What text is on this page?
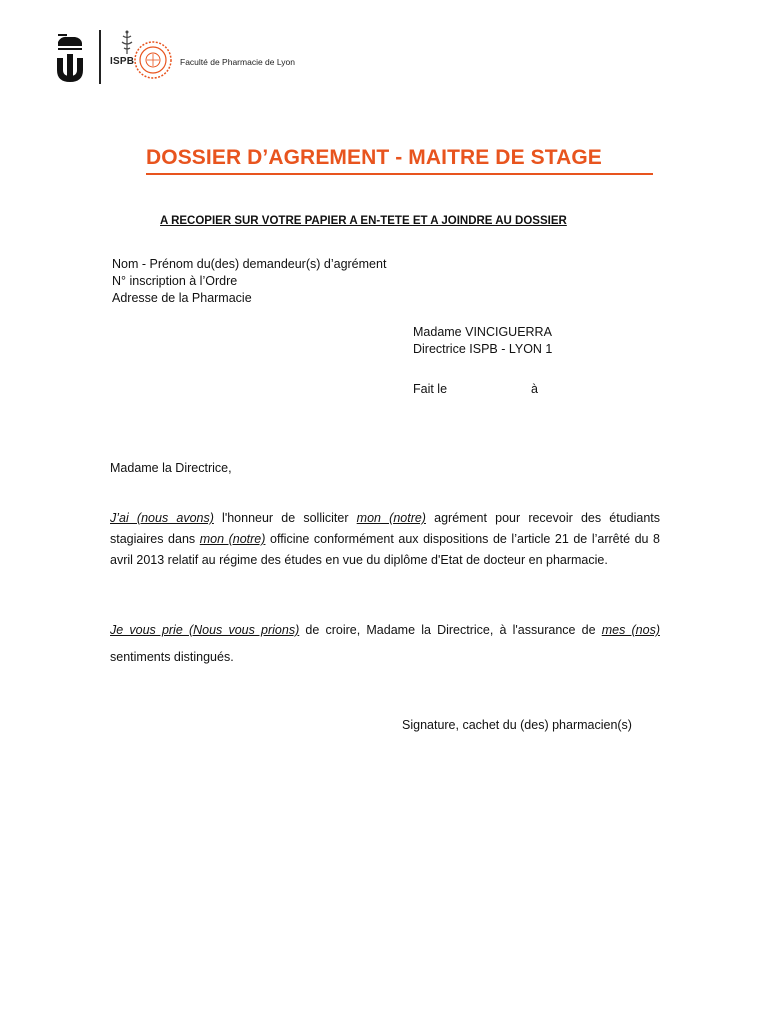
ISPB	Faculté de Pharmacie de Lyon
DOSSIER D’AGREMENT - MAITRE DE STAGE
A RECOPIER SUR VOTRE PAPIER A EN-TETE ET A JOINDRE AU DOSSIER
Nom - Prénom du(des) demandeur(s) d’agrément
N° inscription à l’Ordre
Adresse de la Pharmacie
Madame VINCIGUERRA
Directrice ISPB - LYON 1
Fait le	à
Madame la Directrice,
J’ai (nous avons) l'honneur de solliciter mon (notre) agrément pour recevoir des étudiants stagiaires dans mon (notre) officine conformément aux dispositions de l’article 21 de l’arrêté du 8 avril 2013 relatif au régime des études en vue du diplôme d'Etat de docteur en pharmacie.
Je vous prie (Nous vous prions) de croire, Madame la Directrice, à l'assurance de mes (nos) sentiments distingués.
Signature, cachet du (des) pharmacien(s)
